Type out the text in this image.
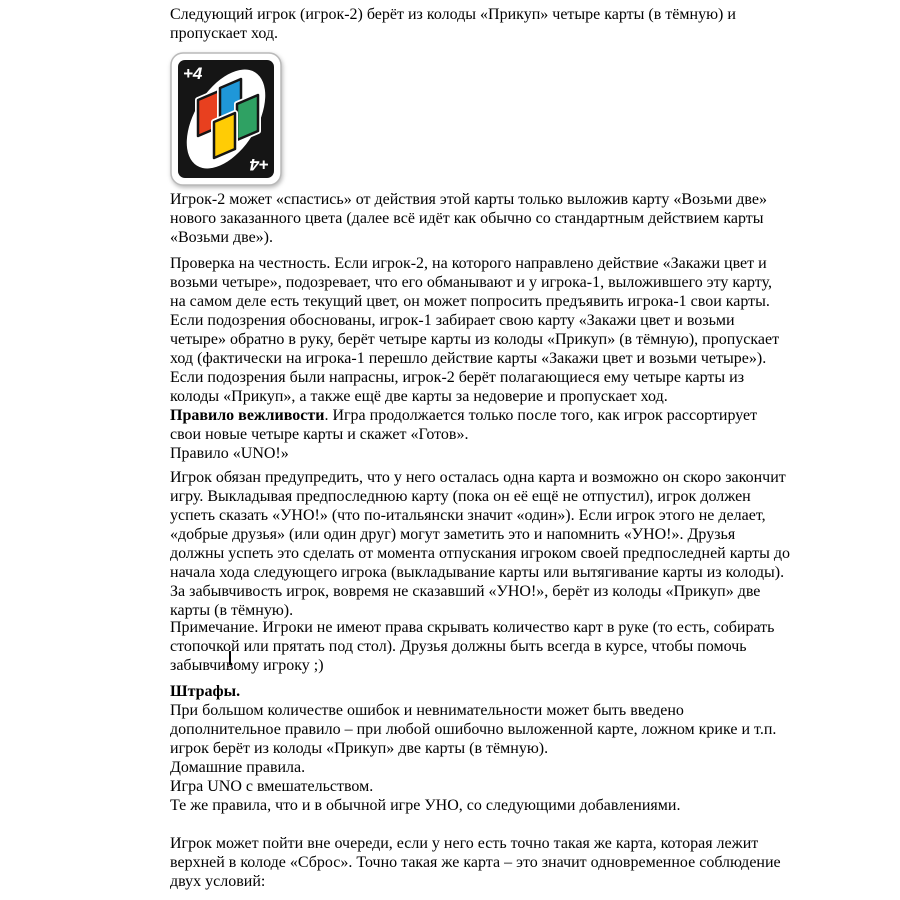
+4
+4

Следующий игрок (игрок-2) берёт из колоды «Прикуп» четыре карты (в тёмную) и
пропускает ход.

Игрок-2 может «спастись» от действия этой карты только выложив карту «Возьми две»
нового заказанного цвета (далее всё идёт как обычно со стандартным действием карты
«Возьми две»).

Проверка на честность. Если игрок-2, на которого направлено действие «Закажи цвет и
возьми четыре», подозревает, что его обманывают и у игрока-1, выложившего эту карту,
на самом деле есть текущий цвет, он может попросить предъявить игрока-1 свои карты.
Если подозрения обоснованы, игрок-1 забирает свою карту «Закажи цвет и возьми
четыре» обратно в руку, берёт четыре карты из колоды «Прикуп» (в тёмную), пропускает
ход (фактически на игрока-1 перешло действие карты «Закажи цвет и возьми четыре»).
Если подозрения были напрасны, игрок-2 берёт полагающиеся ему четыре карты из
колоды «Прикуп», а также ещё две карты за недоверие и пропускает ход.

Правило вежливости. Игра продолжается только после того, как игрок рассортирует
свои новые четыре карты и скажет «Готов».
Правило «UNO!»

Игрок обязан предупредить, что у него осталась одна карта и возможно он скоро закончит
игру. Выкладывая предпоследнюю карту (пока он её ещё не отпустил), игрок должен
успеть сказать «УНО!» (что по-итальянски значит «один»). Если игрок этого не делает,
«добрые друзья» (или один друг) могут заметить это и напомнить «УНО!». Друзья
должны успеть это сделать от момента отпускания игроком своей предпоследней карты до
начала хода следующего игрока (выкладывание карты или вытягивание карты из колоды).
За забывчивость игрок, вовремя не сказавший «УНО!», берёт из колоды «Прикуп» две
карты (в тёмную).

Примечание. Игроки не имеют права скрывать количество карт в руке (то есть, собирать
стопочкой или прятать под стол). Друзья должны быть всегда в курсе, чтобы помочь
забывчивому игроку ;)

Штрафы.
При большом количестве ошибок и невнимательности может быть введено
дополнительное правило – при любой ошибочно выложенной карте, ложном крике и т.п.
игрок берёт из колоды «Прикуп» две карты (в тёмную).
Домашние правила.
Игра UNO с вмешательством.

Те же правила, что и в обычной игре УНО, со следующими добавлениями.

Игрок может пойти вне очереди, если у него есть точно такая же карта, которая лежит
верхней в колоде «Сброс». Точно такая же карта – это значит одновременное соблюдение
двух условий:
